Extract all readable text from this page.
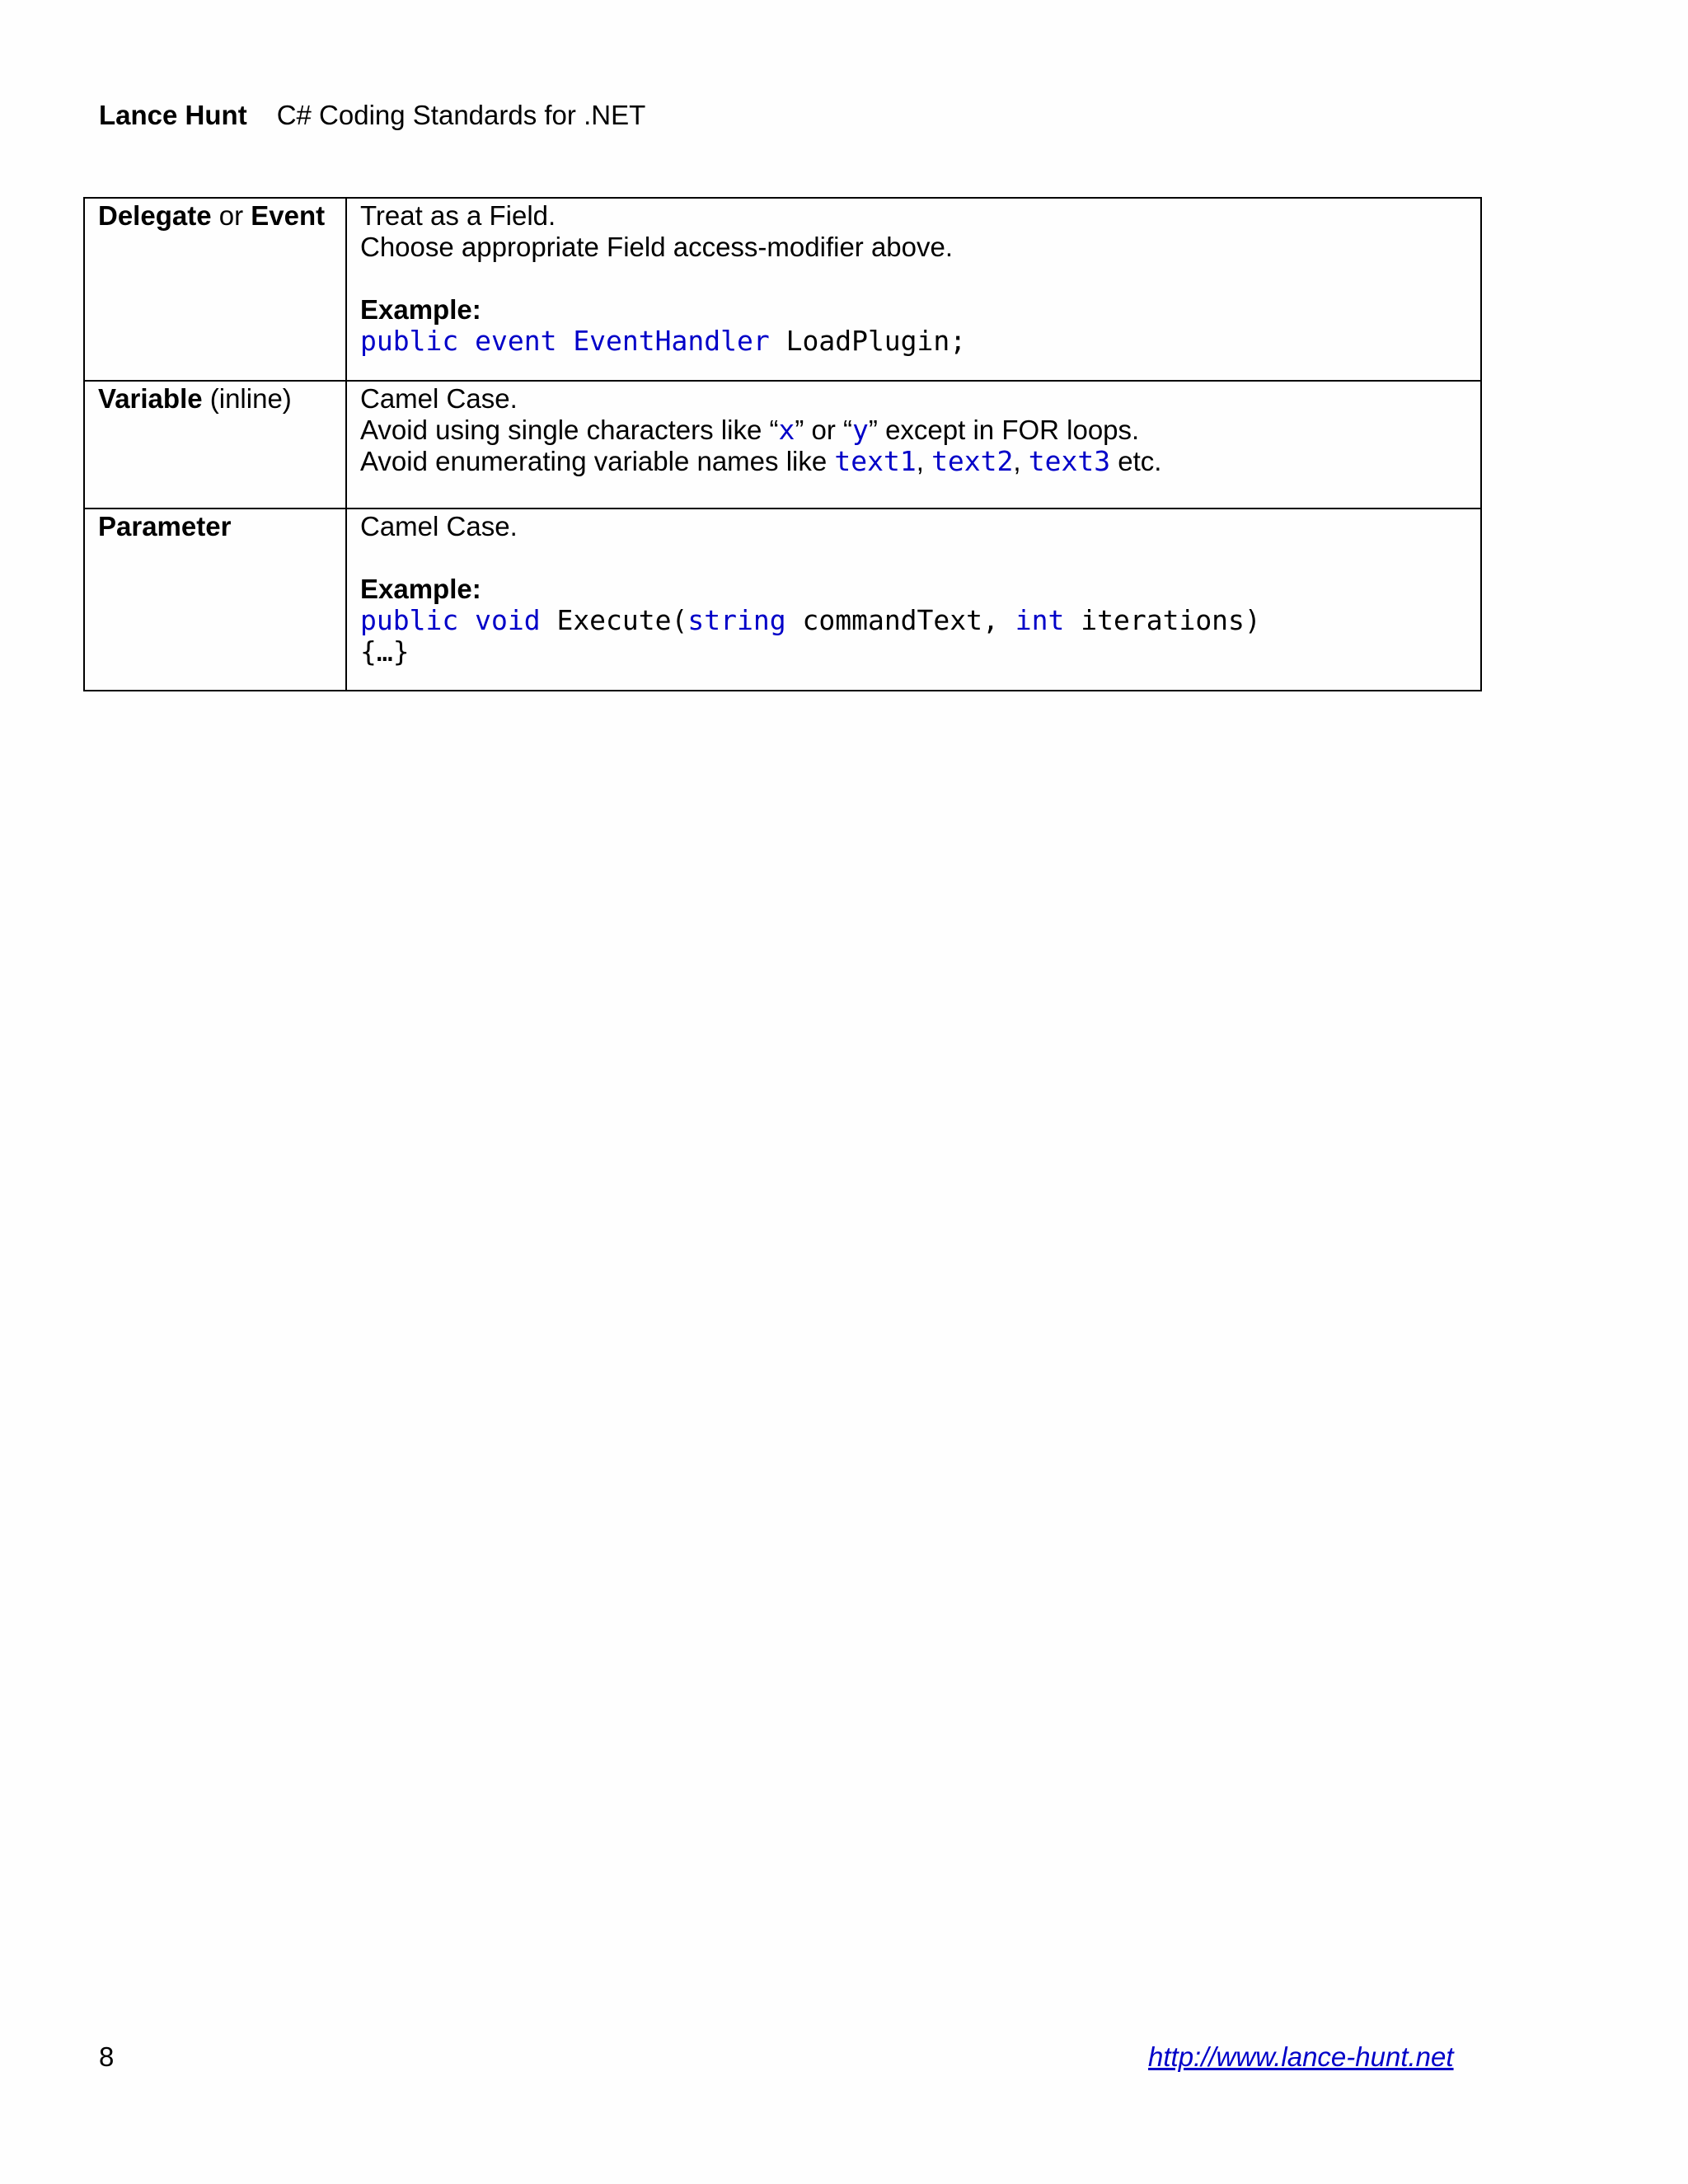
Lance Hunt C# Coding Standards for .NET
Delegate or Event	Treat as a Field.
Choose appropriate Field access-modifier above.
Example:
public event EventHandler LoadPlugin;

Variable (inline)	Camel Case.
Avoid using single characters like “x” or “y” except in FOR loops.
Avoid enumerating variable names like text1, text2, text3 etc.

Parameter	Camel Case.
Example:
public void Execute(string commandText, int iterations)
{…}
8	http://www.lance-hunt.net
